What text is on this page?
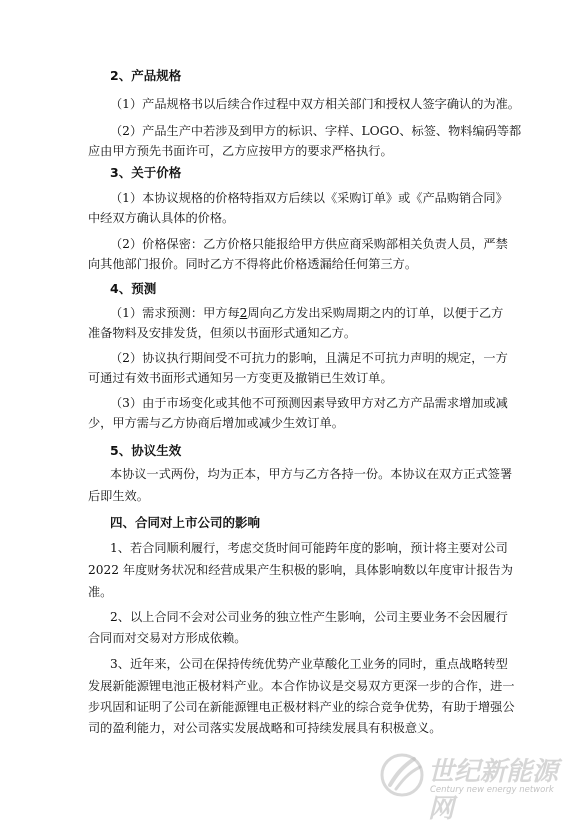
2、产品规格
（1）产品规格书以后续合作过程中双方相关部门和授权人签字确认的为准。
（2）产品生产中若涉及到甲方的标识、字样、LOGO、标签、物料编码等都
应由甲方预先书面许可，乙方应按甲方的要求严格执行。
3、关于价格
（1）本协议规格的价格特指双方后续以《采购订单》或《产品购销合同》
中经双方确认具体的价格。
（2）价格保密：乙方价格只能报给甲方供应商采购部相关负责人员，严禁
向其他部门报价。同时乙方不得将此价格透漏给任何第三方。
4、预测
（1）需求预测：甲方每2周向乙方发出采购周期之内的订单，以便于乙方
准备物料及安排发货，但须以书面形式通知乙方。
（2）协议执行期间受不可抗力的影响，且满足不可抗力声明的规定，一方
可通过有效书面形式通知另一方变更及撤销已生效订单。
（3）由于市场变化或其他不可预测因素导致甲方对乙方产品需求增加或减
少，甲方需与乙方协商后增加或减少生效订单。
5、协议生效
本协议一式两份，均为正本，甲方与乙方各持一份。本协议在双方正式签署
后即生效。
四、合同对上市公司的影响
1、若合同顺利履行，考虑交货时间可能跨年度的影响，预计将主要对公司
2022 年度财务状况和经营成果产生积极的影响，具体影响数以年度审计报告为
准。
2、以上合同不会对公司业务的独立性产生影响，公司主要业务不会因履行
合同而对交易对方形成依赖。
3、近年来，公司在保持传统优势产业草酸化工业务的同时，重点战略转型
发展新能源锂电池正极材料产业。本合作协议是交易双方更深一步的合作，进一
步巩固和证明了公司在新能源锂电正极材料产业的综合竞争优势，有助于增强公
司的盈利能力，对公司落实发展战略和可持续发展具有积极意义。
世纪新能源网
Century new energy network
